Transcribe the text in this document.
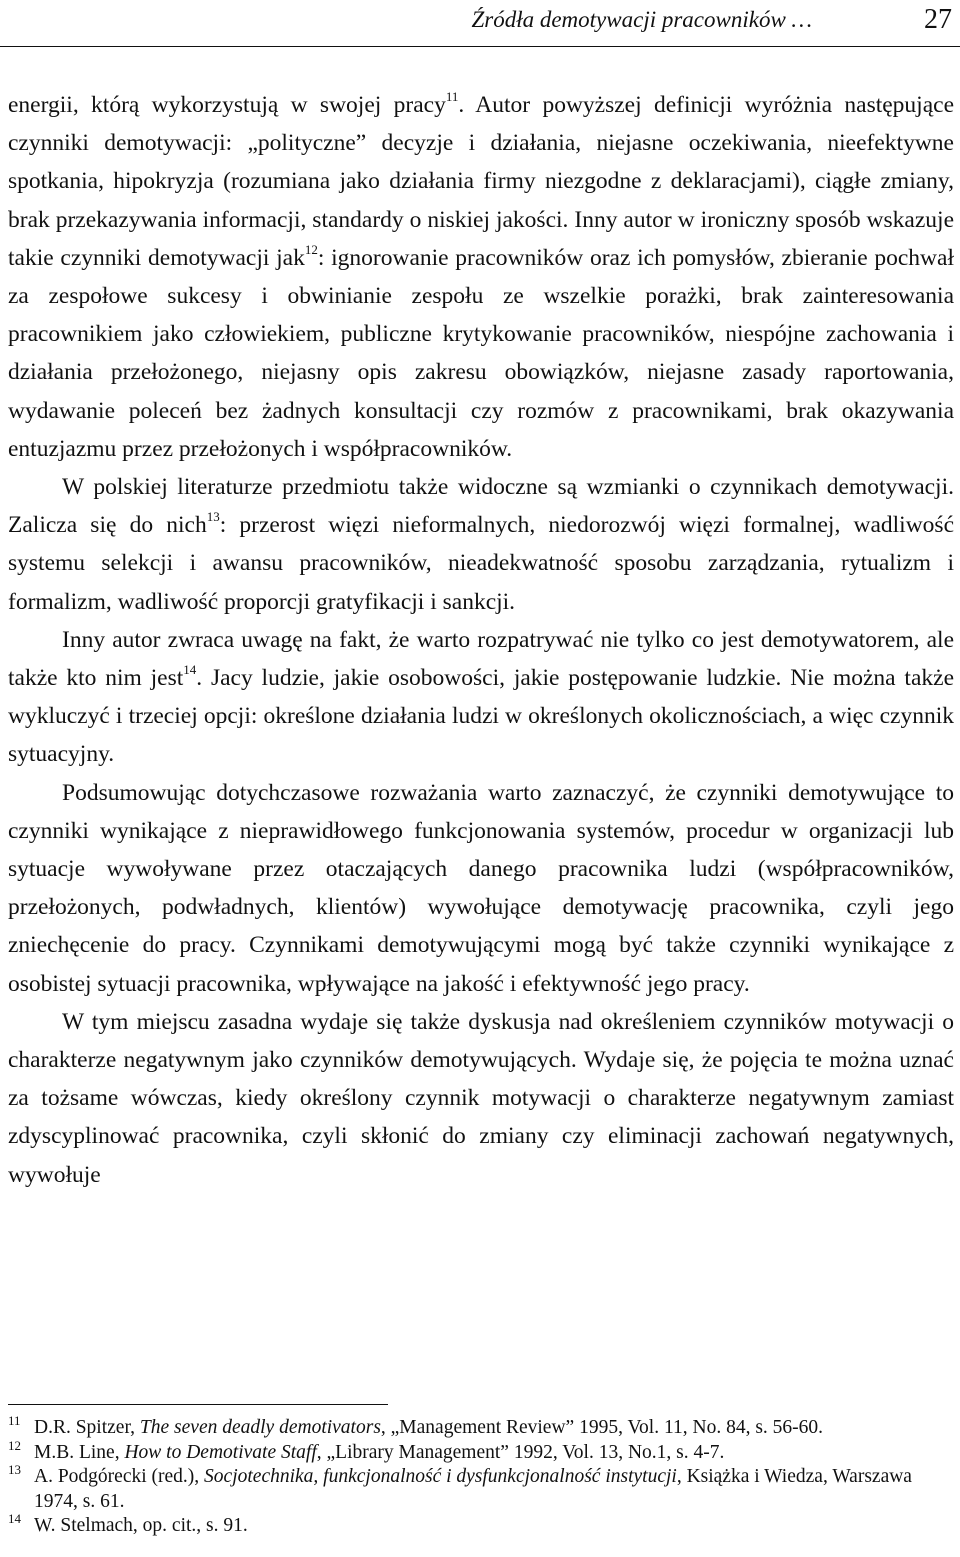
Źródła demotywacji pracowników …	27

energii, którą wykorzystują w swojej pracy$^{11}$. Autor powyższej definicji wyróżnia następujące czynniki demotywacji: „polityczne” decyzje i działania, niejasne oczekiwania, nieefektywne spotkania, hipokryzja (rozumiana jako działania firmy niezgodne z deklaracjami), ciągłe zmiany, brak przekazywania informacji, standardy o niskiej jakości. Inny autor w ironiczny sposób wskazuje takie czynniki demotywacji jak$^{12}$: ignorowanie pracowników oraz ich pomysłów, zbieranie pochwał za zespołowe sukcesy i obwinianie zespołu ze wszelkie porażki, brak zainteresowania pracownikiem jako człowiekiem, publiczne krytykowanie pracowników, niespójne zachowania i działania przełożonego, niejasny opis zakresu obowiązków, niejasne zasady raportowania, wydawanie poleceń bez żadnych konsultacji czy rozmów z pracownikami, brak okazywania entuzjazmu przez przełożonych i współpracowników.

W polskiej literaturze przedmiotu także widoczne są wzmianki o czynnikach demotywacji. Zalicza się do nich$^{13}$: przerost więzi nieformalnych, niedorozwój więzi formalnej, wadliwość systemu selekcji i awansu pracowników, nieadekwatność sposobu zarządzania, rytualizm i formalizm, wadliwość proporcji gratyfikacji i sankcji.

Inny autor zwraca uwagę na fakt, że warto rozpatrywać nie tylko co jest demotywatorem, ale także kto nim jest$^{14}$. Jacy ludzie, jakie osobowości, jakie postępowanie ludzkie. Nie można także wykluczyć i trzeciej opcji: określone działania ludzi w określonych okolicznościach, a więc czynnik sytuacyjny.

Podsumowując dotychczasowe rozważania warto zaznaczyć, że czynniki demotywujące to czynniki wynikające z nieprawidłowego funkcjonowania systemów, procedur w organizacji lub sytuacje wywoływane przez otaczających danego pracownika ludzi (współpracowników, przełożonych, podwładnych, klientów) wywołujące demotywację pracownika, czyli jego zniechęcenie do pracy. Czynnikami demotywującymi mogą być także czynniki wynikające z osobistej sytuacji pracownika, wpływające na jakość i efektywność jego pracy.

W tym miejscu zasadna wydaje się także dyskusja nad określeniem czynników motywacji o charakterze negatywnym jako czynników demotywujących. Wydaje się, że pojęcia te można uznać za tożsame wówczas, kiedy określony czynnik motywacji o charakterze negatywnym zamiast zdyscyplinować pracownika, czyli skłonić do zmiany czy eliminacji zachowań negatywnych, wywołuje

11 D.R. Spitzer, The seven deadly demotivators, „Management Review” 1995, Vol. 11, No. 84, s. 56-60.

12 M.B. Line, How to Demotivate Staff, „Library Management” 1992, Vol. 13, No.1, s. 4-7.

13 A. Podgórecki (red.), Socjotechnika, funkcjonalność i dysfunkcjonalność instytucji, Książka i Wiedza, Warszawa 1974, s. 61.

14 W. Stelmach, op. cit., s. 91.
